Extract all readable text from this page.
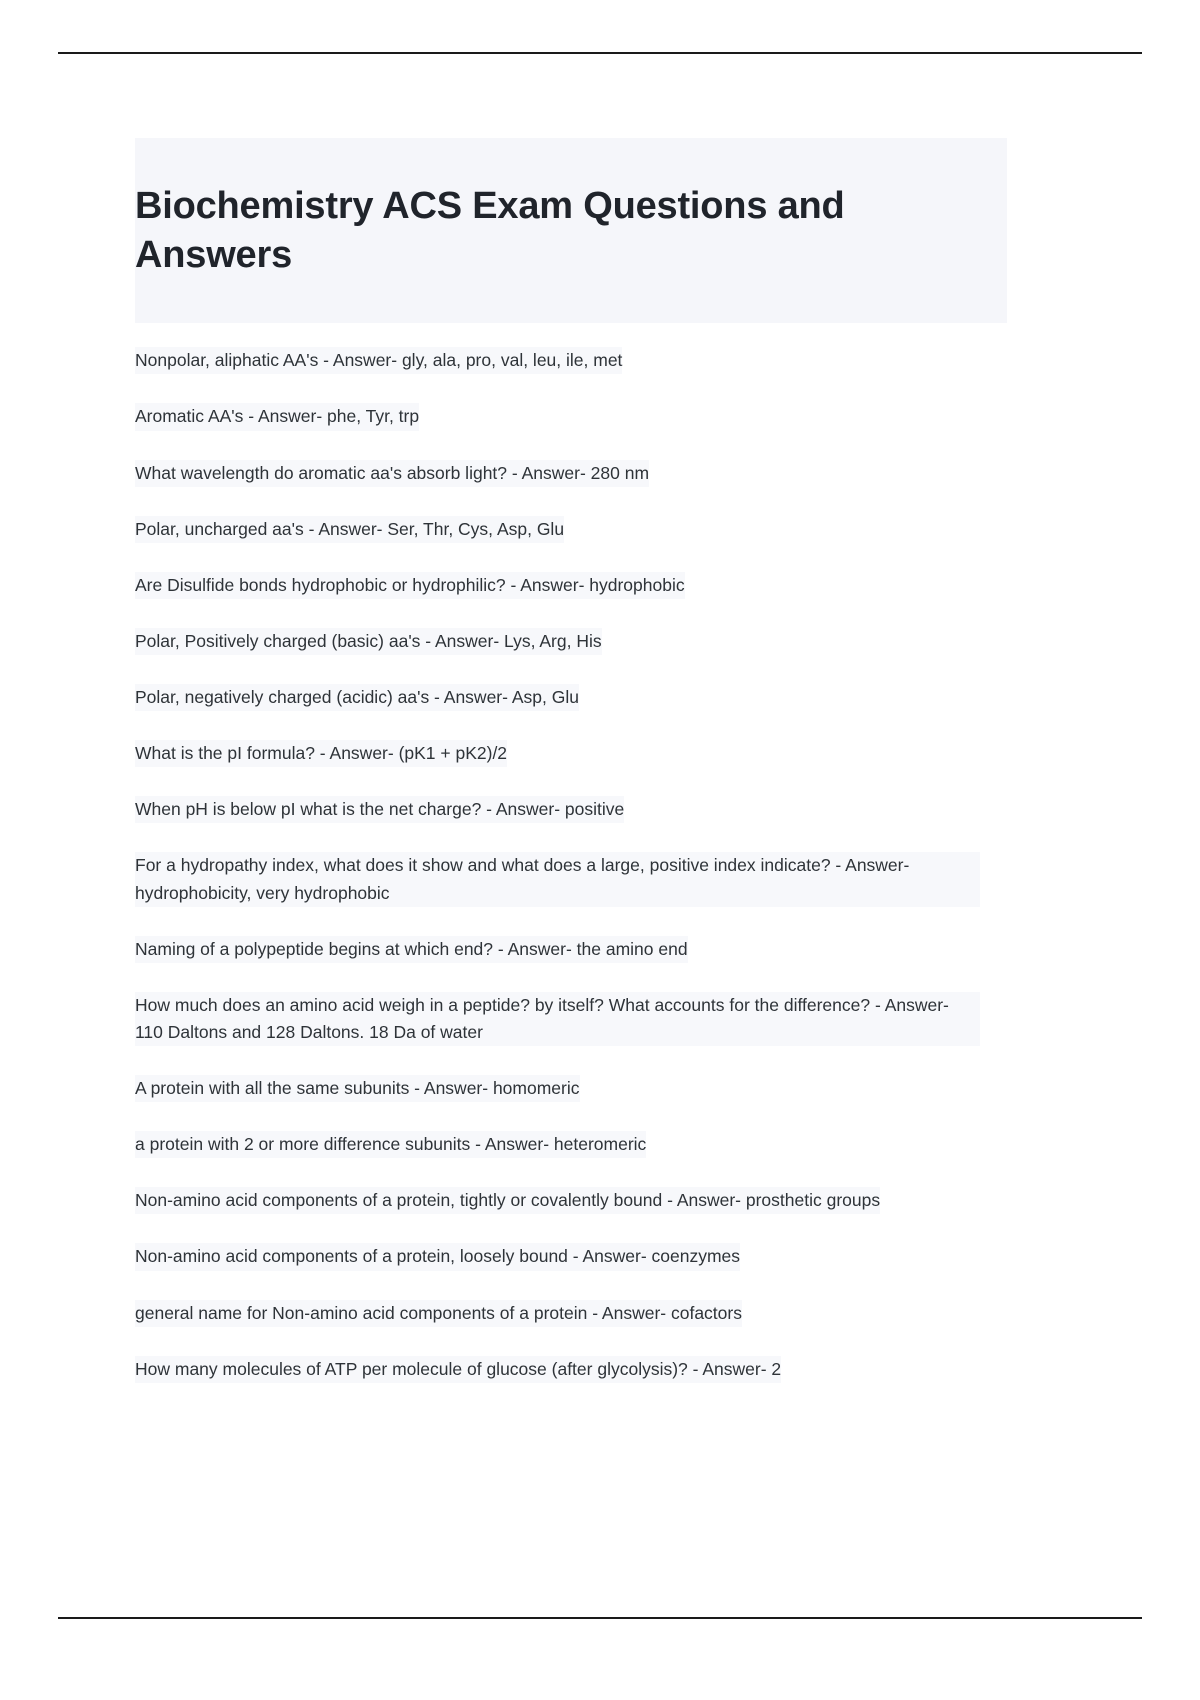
Biochemistry ACS Exam Questions and Answers
Nonpolar, aliphatic AA's - Answer- gly, ala, pro, val, leu, ile, met
Aromatic AA's - Answer- phe, Tyr, trp
What wavelength do aromatic aa's absorb light? - Answer- 280 nm
Polar, uncharged aa's - Answer- Ser, Thr, Cys, Asp, Glu
Are Disulfide bonds hydrophobic or hydrophilic? - Answer- hydrophobic
Polar, Positively charged (basic) aa's - Answer- Lys, Arg, His
Polar, negatively charged (acidic) aa's - Answer- Asp, Glu
What is the pI formula? - Answer- (pK1 + pK2)/2
When pH is below pI what is the net charge? - Answer- positive
For a hydropathy index, what does it show and what does a large, positive index indicate? - Answer- hydrophobicity, very hydrophobic
Naming of a polypeptide begins at which end? - Answer- the amino end
How much does an amino acid weigh in a peptide? by itself? What accounts for the difference? - Answer- 110 Daltons and 128 Daltons. 18 Da of water
A protein with all the same subunits - Answer- homomeric
a protein with 2 or more difference subunits - Answer- heteromeric
Non-amino acid components of a protein, tightly or covalently bound - Answer- prosthetic groups
Non-amino acid components of a protein, loosely bound - Answer- coenzymes
general name for Non-amino acid components of a protein - Answer- cofactors
How many molecules of ATP per molecule of glucose (after glycolysis)? - Answer- 2
